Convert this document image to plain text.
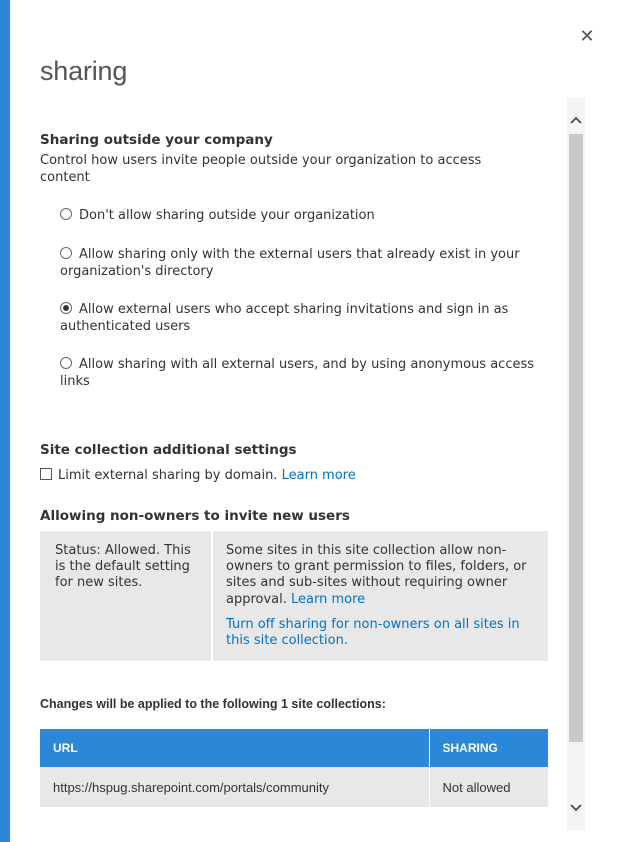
✕
sharing
Sharing outside your company

Control how users invite people outside your organization to access content

Don't allow sharing outside your organization
Allow sharing only with the external users that already exist in your organization's directory
Allow external users who accept sharing invitations and sign in as authenticated users
Allow sharing with all external users, and by using anonymous access links
Site collection additional settings
Limit external sharing by domain. Learn more
Allowing non-owners to invite new users
Status: Allowed. This is the default setting for new sites.

Some sites in this site collection allow non-owners to grant permission to files, folders, or sites and sub-sites without requiring owner approval. Learn more

Turn off sharing for non-owners on all sites in this site collection.

Changes will be applied to the following 1 site collections:
URL	SHARING
https://hspug.sharepoint.com/portals/community	Not allowed
